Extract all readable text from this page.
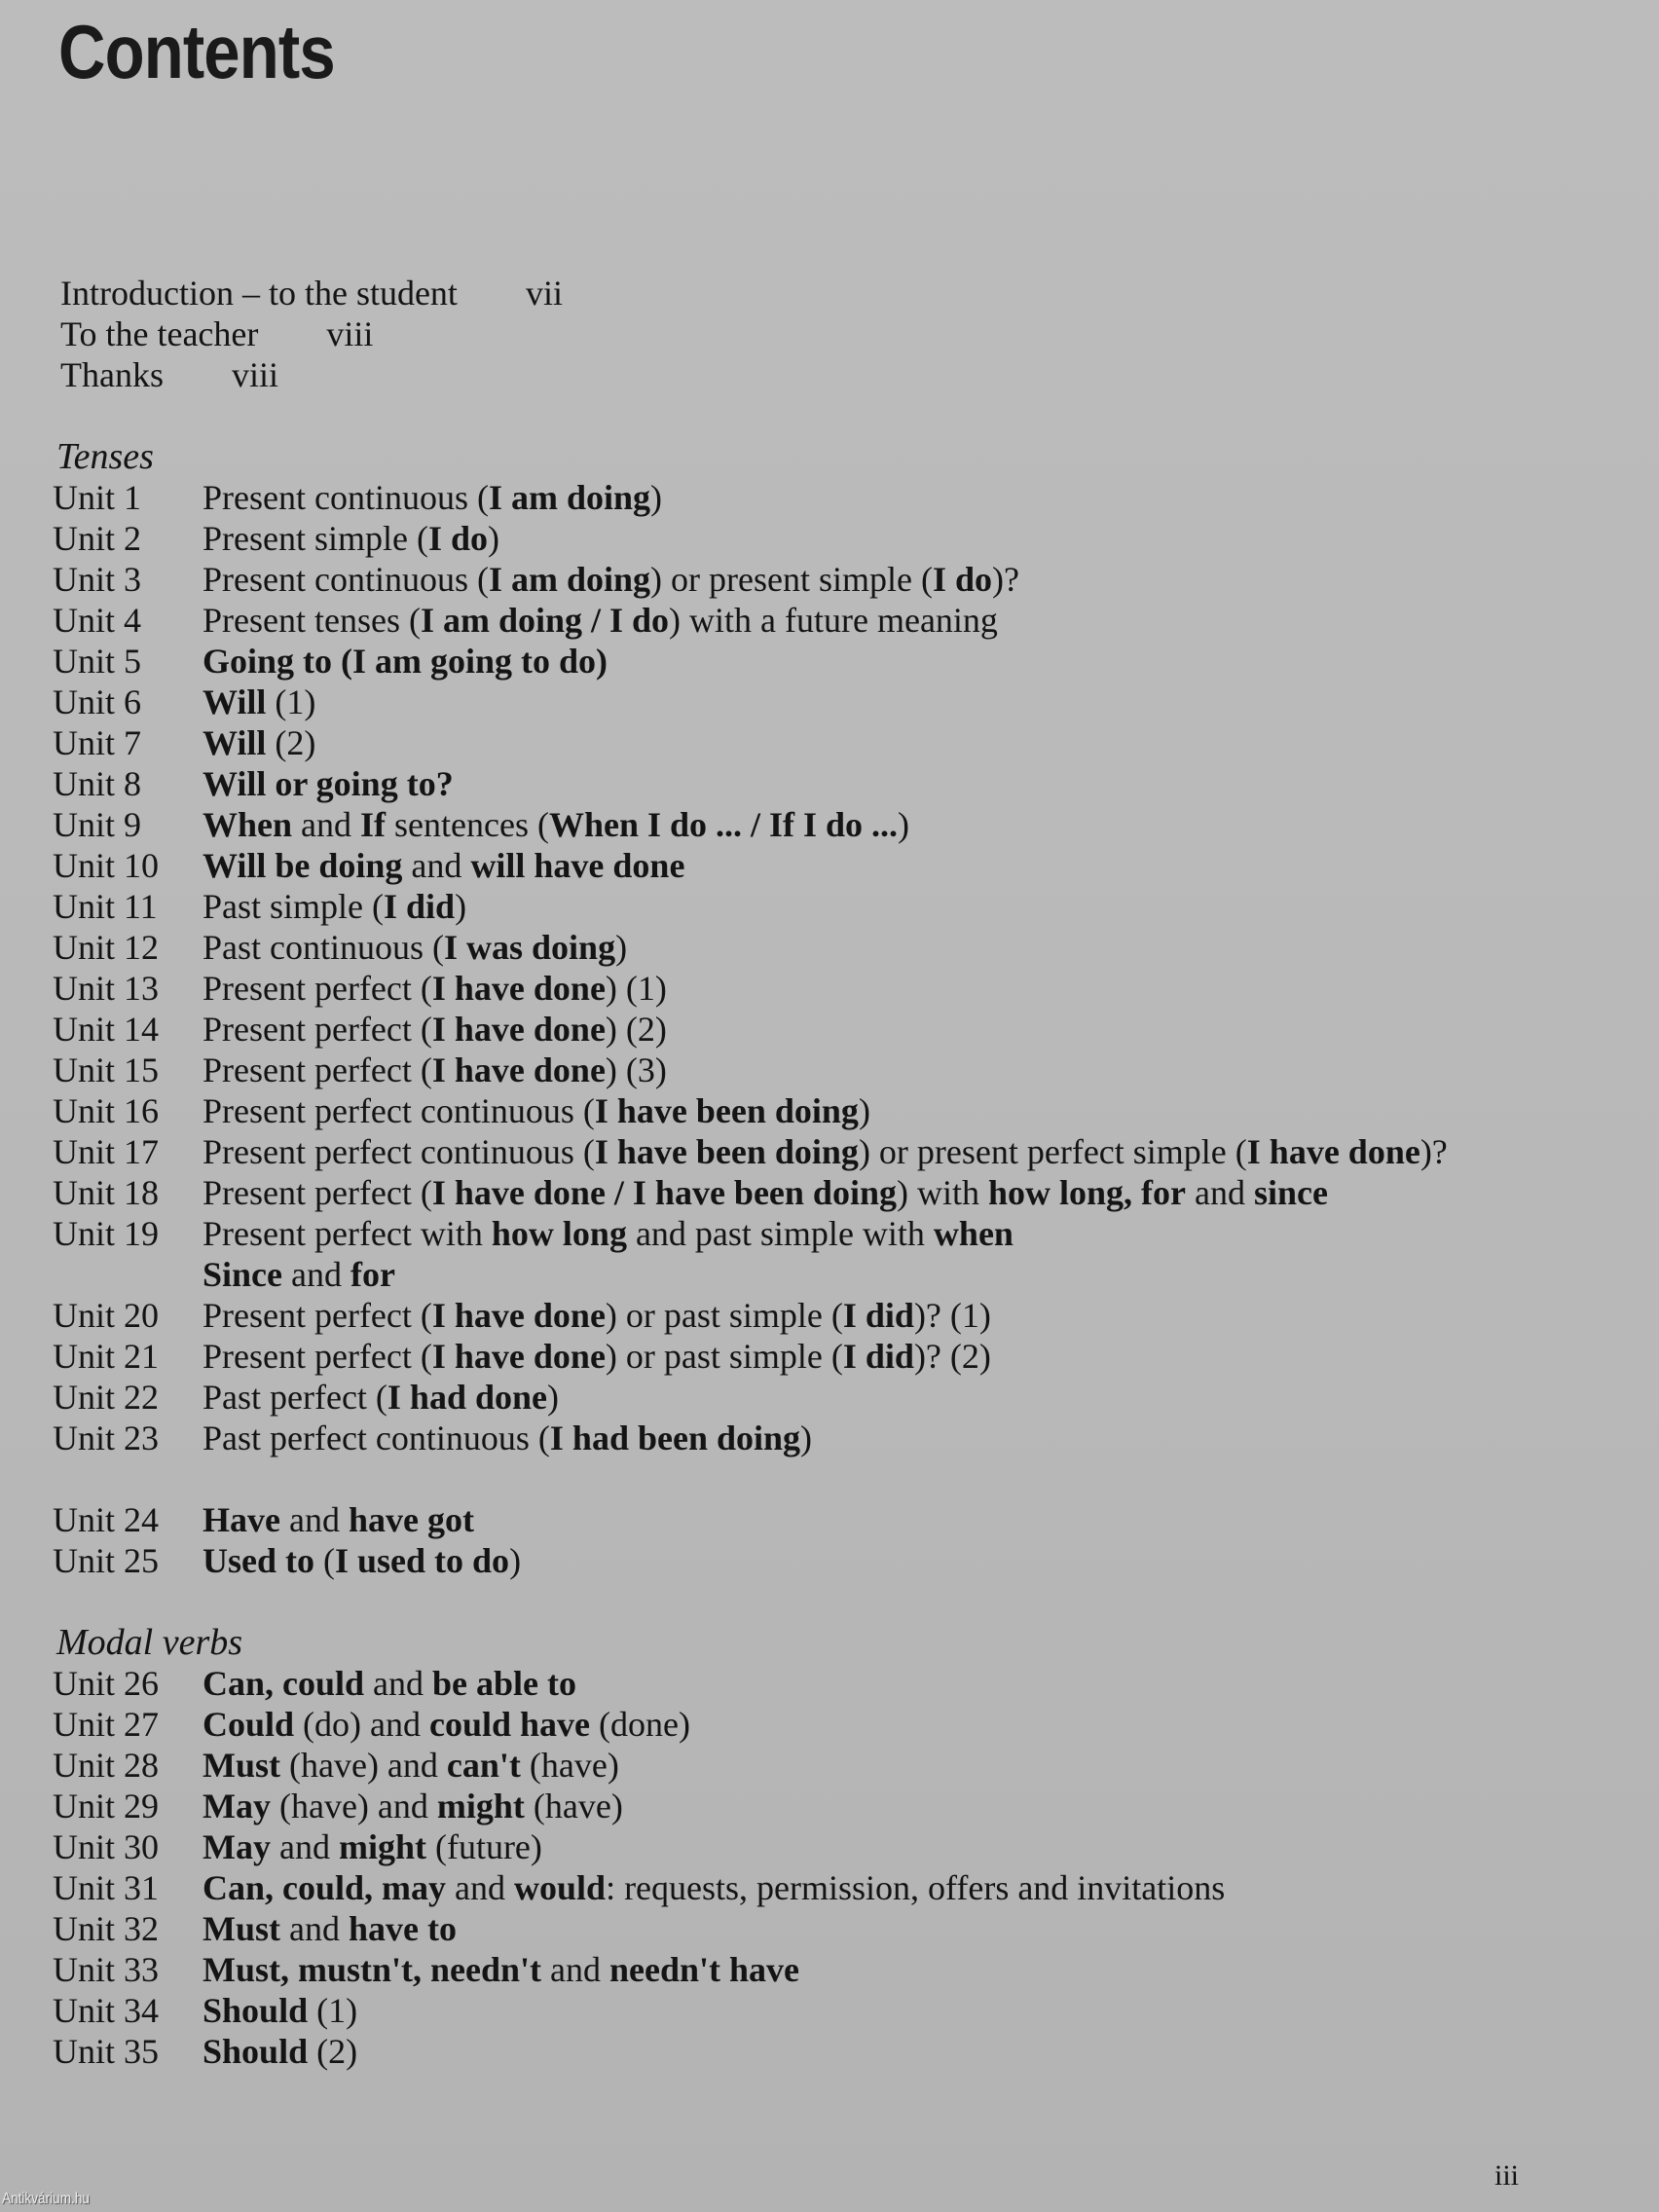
Contents
Introduction – to the student vii
To the teacher viii
Thanks viii
Tenses
Unit 1 Present continuous (I am doing)
Unit 2 Present simple (I do)
Unit 3 Present continuous (I am doing) or present simple (I do)?
Unit 4 Present tenses (I am doing / I do) with a future meaning
Unit 5 Going to (I am going to do)
Unit 6 Will (1)
Unit 7 Will (2)
Unit 8 Will or going to?
Unit 9 When and If sentences (When I do ... / If I do ...)
Unit 10 Will be doing and will have done
Unit 11 Past simple (I did)
Unit 12 Past continuous (I was doing)
Unit 13 Present perfect (I have done) (1)
Unit 14 Present perfect (I have done) (2)
Unit 15 Present perfect (I have done) (3)
Unit 16 Present perfect continuous (I have been doing)
Unit 17 Present perfect continuous (I have been doing) or present perfect simple (I have done)?
Unit 18 Present perfect (I have done / I have been doing) with how long, for and since
Unit 19 Present perfect with how long and past simple with when
Since and for
Unit 20 Present perfect (I have done) or past simple (I did)? (1)
Unit 21 Present perfect (I have done) or past simple (I did)? (2)
Unit 22 Past perfect (I had done)
Unit 23 Past perfect continuous (I had been doing)
Unit 24 Have and have got
Unit 25 Used to (I used to do)
Modal verbs
Unit 26 Can, could and be able to
Unit 27 Could (do) and could have (done)
Unit 28 Must (have) and can't (have)
Unit 29 May (have) and might (have)
Unit 30 May and might (future)
Unit 31 Can, could, may and would: requests, permission, offers and invitations
Unit 32 Must and have to
Unit 33 Must, mustn't, needn't and needn't have
Unit 34 Should (1)
Unit 35 Should (2)
iii
Antikvárium.hu
